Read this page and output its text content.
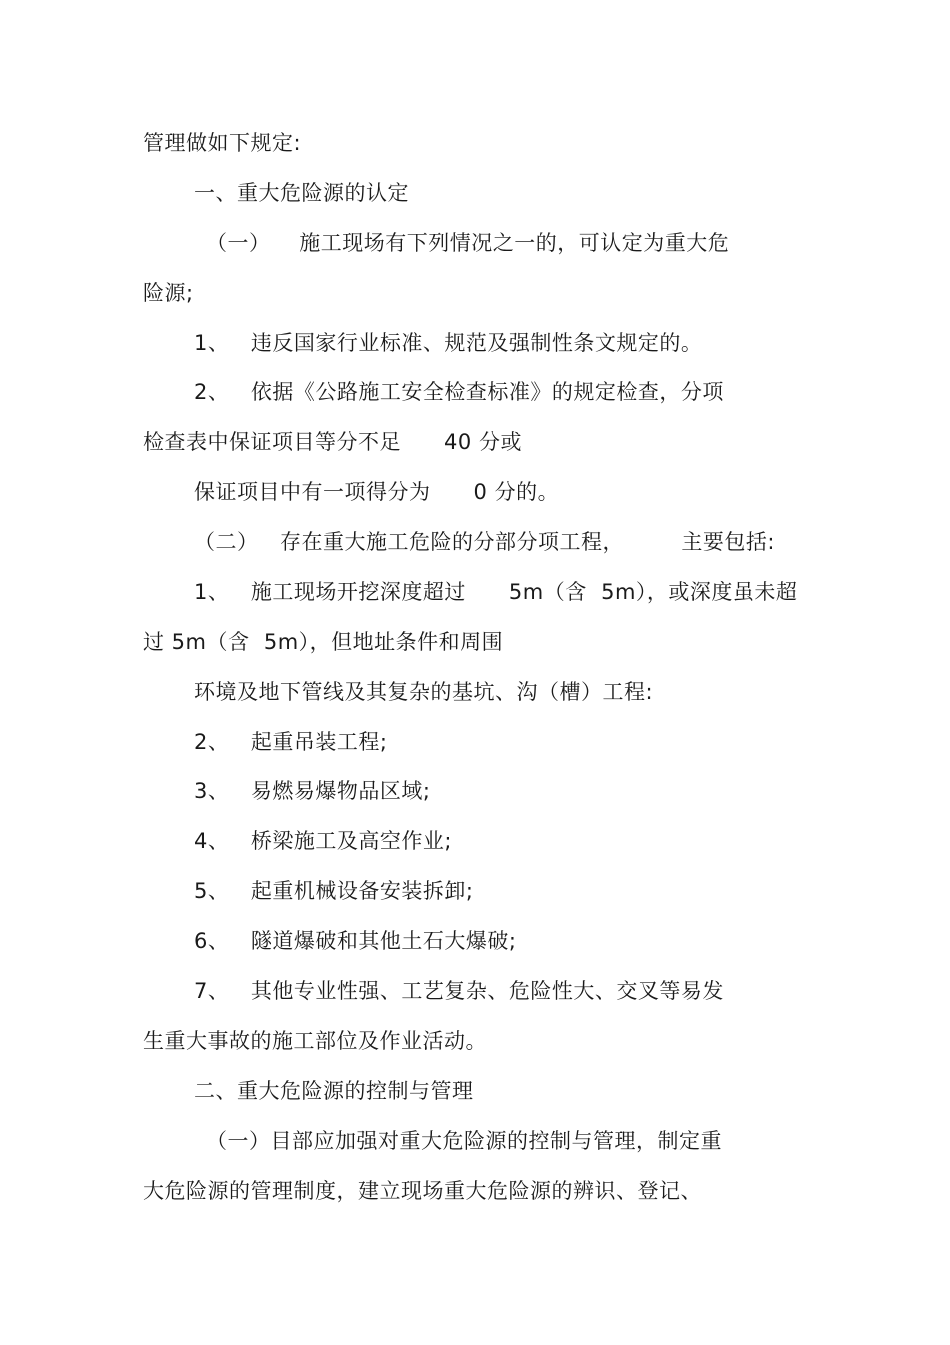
管理做如下规定:
一、重大危险源的认定
（一）    施工现场有下列情况之一的，可认定为重大危
险源;
1、   违反国家行业标准、规范及强制性条文规定的。
2、   依据《公路施工安全检查标准》的规定检查，分项
检查表中保证项目等分不足      40 分或
保证项目中有一项得分为      0 分的。
（二）   存在重大施工危险的分部分项工程，        主要包括:
1、   施工现场开挖深度超过      5m（含  5m），或深度虽未超
过 5m（含  5m），但地址条件和周围
环境及地下管线及其复杂的基坑、沟（槽）工程:
2、   起重吊装工程;
3、   易燃易爆物品区域;
4、   桥梁施工及高空作业;
5、   起重机械设备安装拆卸;
6、   隧道爆破和其他土石大爆破;
7、   其他专业性强、工艺复杂、危险性大、交叉等易发
生重大事故的施工部位及作业活动。
二、重大危险源的控制与管理
（一）目部应加强对重大危险源的控制与管理，制定重
大危险源的管理制度，建立现场重大危险源的辨识、登记、
